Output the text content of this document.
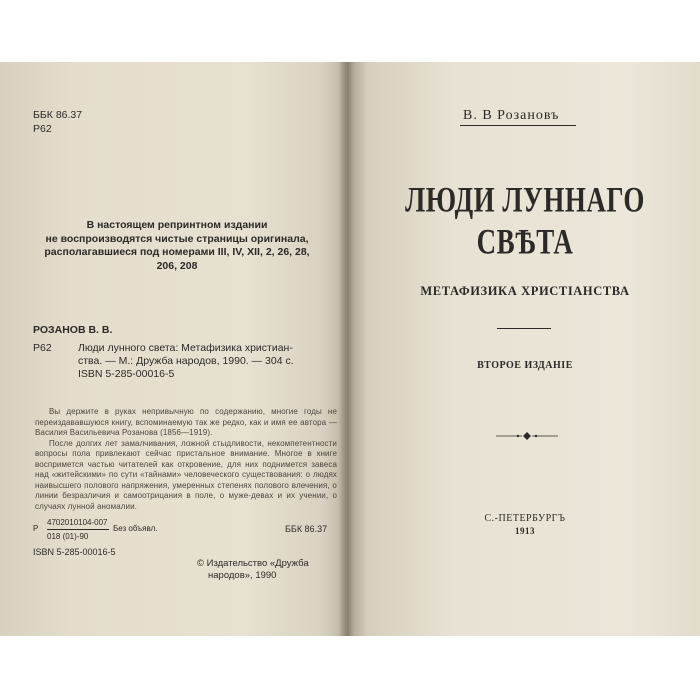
ББК 86.37
Р62
В настоящем репринтном издании
не воспроизводятся чистые страницы оригинала,
располагавшиеся под номерами III, IV, XII, 2, 26, 28,
206, 208
РОЗАНОВ В. В.
Р62	Люди лунного света: Метафизика христиан-
ства. — М.: Дружба народов, 1990. — 304 с.
ISBN 5-285-00016-5

Вы держите в руках непривычную по содержанию, многие годы не переиздававшуюся книгу, вспоминаемую так же редко, как и имя ее автора — Василия Васильевича Розанова (1856—1919).

После долгих лет замалчивания, ложной стыдливости, некомпетентности вопросы пола привлекают сейчас пристальное внимание. Многое в книге воспримется частью читателей как откровение, для них поднимется завеса над «житейскими» по сути «тайнами» человеческого существования: о людях наивысшего полового напряжения, умеренных степенях полового влечения, о линии безразличия и самоотрицания в поле, о муже-девах и их учении, о случаях лунной аномалии.

4702010104-007
Р
018 (01)-90
Без объявл.	ББК 86.37
ISBN 5-285-00016-5
© Издательство «Дружба
народов», 1990
В. В Розановъ
ЛЮДИ ЛУННАГО СВѢТА
МЕТАФИЗИКА ХРИСТІАНСТВА
ВТОРОЕ ИЗДАНІЕ
С.-ПЕТЕРБУРГЪ
1913
